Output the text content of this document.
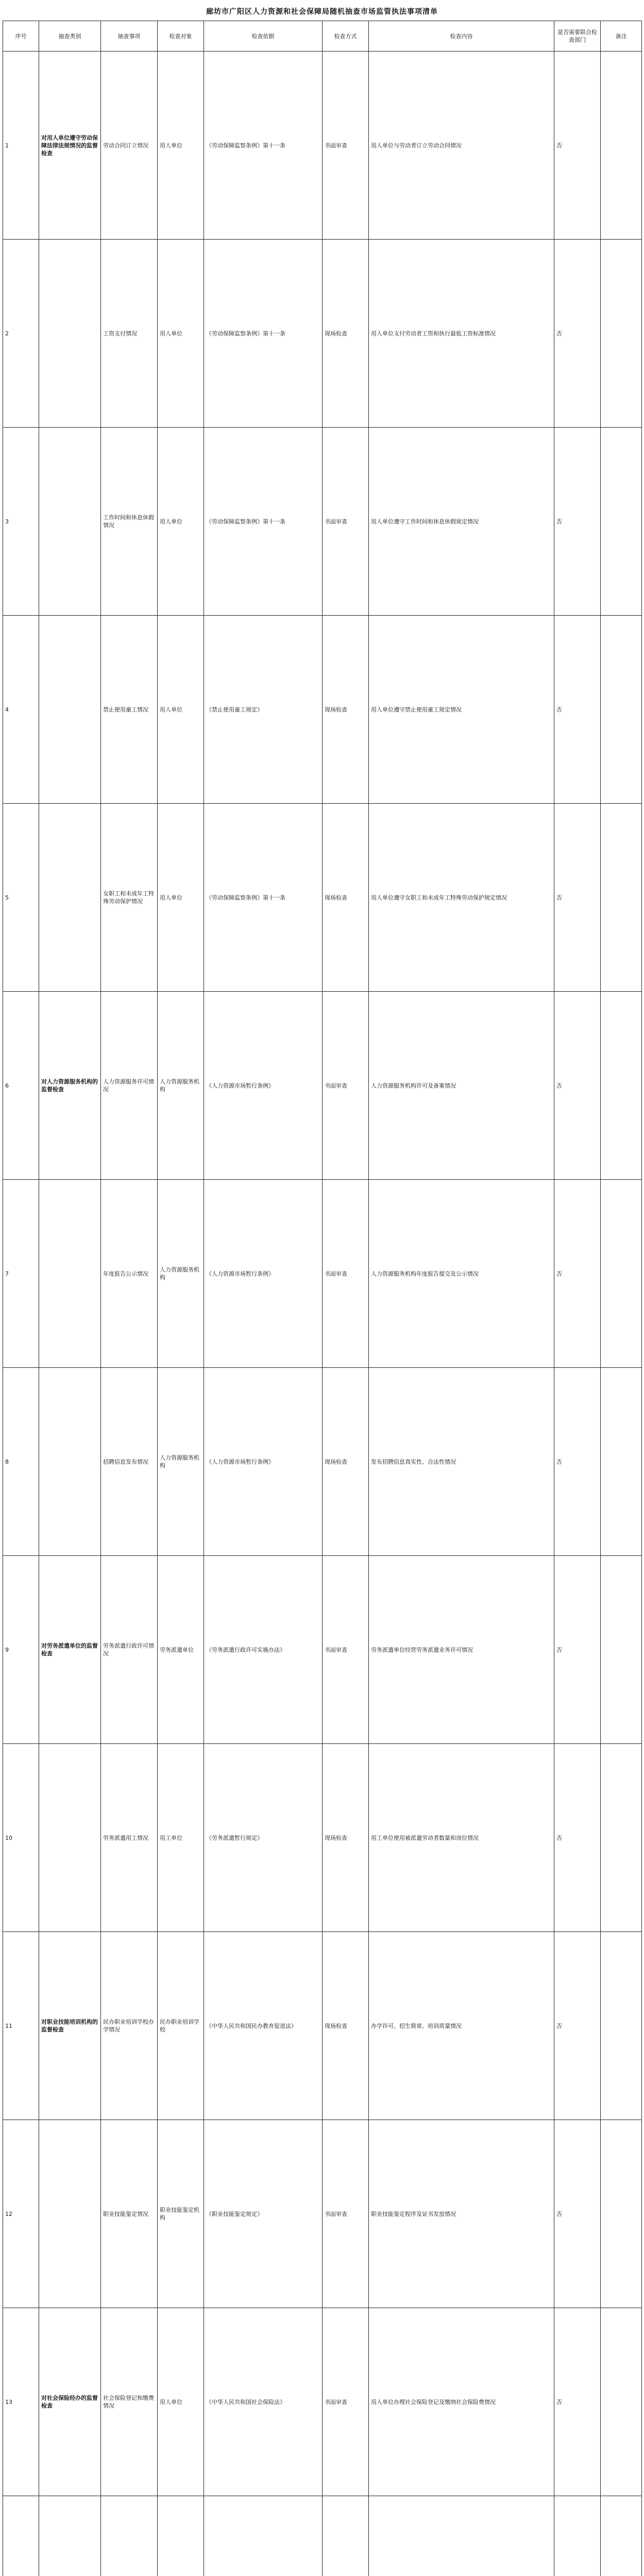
廊坊市广阳区人力资源和社会保障局随机抽查市场监管执法事项清单
序号	抽查类别	抽查事项	检查对象	检查依据	检查方式	检查内容	是否需要联合检查部门	备注
1	对用人单位遵守劳动保障法律法规情况的监督检查	劳动合同订立情况	用人单位	《劳动保障监察条例》第十一条	书面审查	用人单位与劳动者订立劳动合同情况	否	
2		工资支付情况	用人单位	《劳动保障监察条例》第十一条	现场检查	用人单位支付劳动者工资和执行最低工资标准情况	否	
3		工作时间和休息休假情况	用人单位	《劳动保障监察条例》第十一条	书面审查	用人单位遵守工作时间和休息休假规定情况	否	
4		禁止使用童工情况	用人单位	《禁止使用童工规定》	现场检查	用人单位遵守禁止使用童工规定情况	否	
5		女职工和未成年工特殊劳动保护情况	用人单位	《劳动保障监察条例》第十一条	现场检查	用人单位遵守女职工和未成年工特殊劳动保护规定情况	否	
6	对人力资源服务机构的监督检查	人力资源服务许可情况	人力资源服务机构	《人力资源市场暂行条例》	书面审查	人力资源服务机构许可及备案情况	否	
7		年度报告公示情况	人力资源服务机构	《人力资源市场暂行条例》	书面审查	人力资源服务机构年度报告提交及公示情况	否	
8		招聘信息发布情况	人力资源服务机构	《人力资源市场暂行条例》	现场检查	发布招聘信息真实性、合法性情况	否	
9	对劳务派遣单位的监督检查	劳务派遣行政许可情况	劳务派遣单位	《劳务派遣行政许可实施办法》	书面审查	劳务派遣单位经营劳务派遣业务许可情况	否	
10		劳务派遣用工情况	用工单位	《劳务派遣暂行规定》	现场检查	用工单位使用被派遣劳动者数量和岗位情况	否	
11	对职业技能培训机构的监督检查	民办职业培训学校办学情况	民办职业培训学校	《中华人民共和国民办教育促进法》	现场检查	办学许可、招生简章、培训质量情况	否	
12		职业技能鉴定情况	职业技能鉴定机构	《职业技能鉴定规定》	书面审查	职业技能鉴定程序及证书发放情况	否	
13	对社会保险经办的监督检查	社会保险登记和缴费情况	用人单位	《中华人民共和国社会保险法》	书面审查	用人单位办理社会保险登记及缴纳社会保险费情况	否	
